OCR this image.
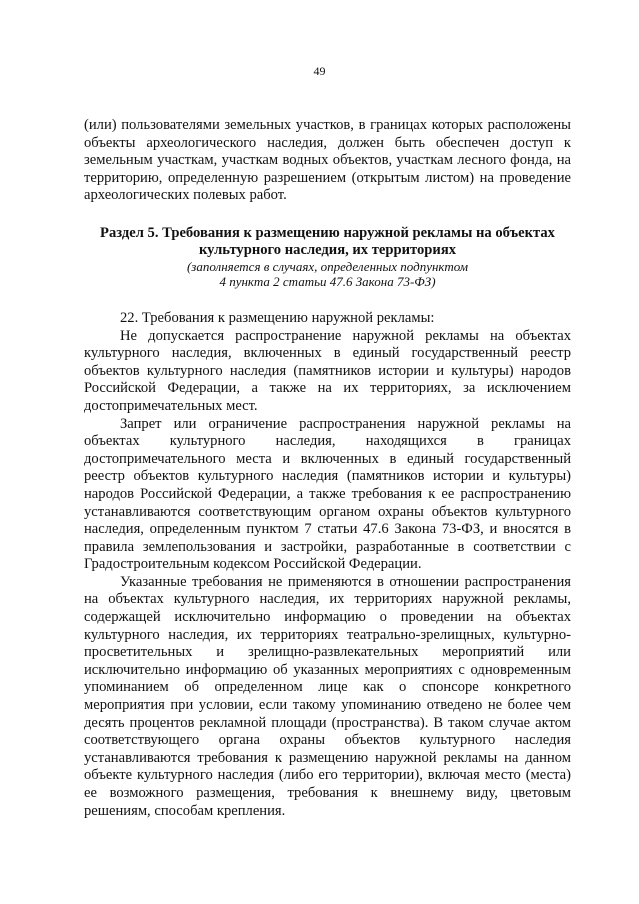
49

(или) пользователями земельных участков, в границах которых расположены объекты археологического наследия, должен быть обеспечен доступ к земельным участкам, участкам водных объектов, участкам лесного фонда, на территорию, определенную разрешением (открытым листом) на проведение археологических полевых работ.

Раздел 5. Требования к размещению наружной рекламы на объектах

культурного наследия, их территориях

(заполняется в случаях, определенных подпунктом

4 пункта 2 статьи 47.6 Закона 73-ФЗ)

22. Требования к размещению наружной рекламы:

Не допускается распространение наружной рекламы на объектах культурного наследия, включенных в единый государственный реестр объектов культурного наследия (памятников истории и культуры) народов Российской Федерации, а также на их территориях, за исключением достопримечательных мест.

Запрет или ограничение распространения наружной рекламы на объектах культурного наследия, находящихся в границах достопримечательного места и включенных в единый государственный реестр объектов культурного наследия (памятников истории и культуры) народов Российской Федерации, а также требования к ее распространению устанавливаются соответствующим органом охраны объектов культурного наследия, определенным пунктом 7 статьи 47.6 Закона 73-ФЗ, и вносятся в правила землепользования и застройки, разработанные в соответствии с Градостроительным кодексом Российской Федерации.

Указанные требования не применяются в отношении распространения на объектах культурного наследия, их территориях наружной рекламы, содержащей исключительно информацию о проведении на объектах культурного наследия, их территориях театрально-зрелищных, культурно-просветительных и зрелищно-развлекательных мероприятий или исключительно информацию об указанных мероприятиях с одновременным упоминанием об определенном лице как о спонсоре конкретного мероприятия при условии, если такому упоминанию отведено не более чем десять процентов рекламной площади (пространства). В таком случае актом соответствующего органа охраны объектов культурного наследия устанавливаются требования к размещению наружной рекламы на данном объекте культурного наследия (либо его территории), включая место (места) ее возможного размещения, требования к внешнему виду, цветовым решениям, способам крепления.
